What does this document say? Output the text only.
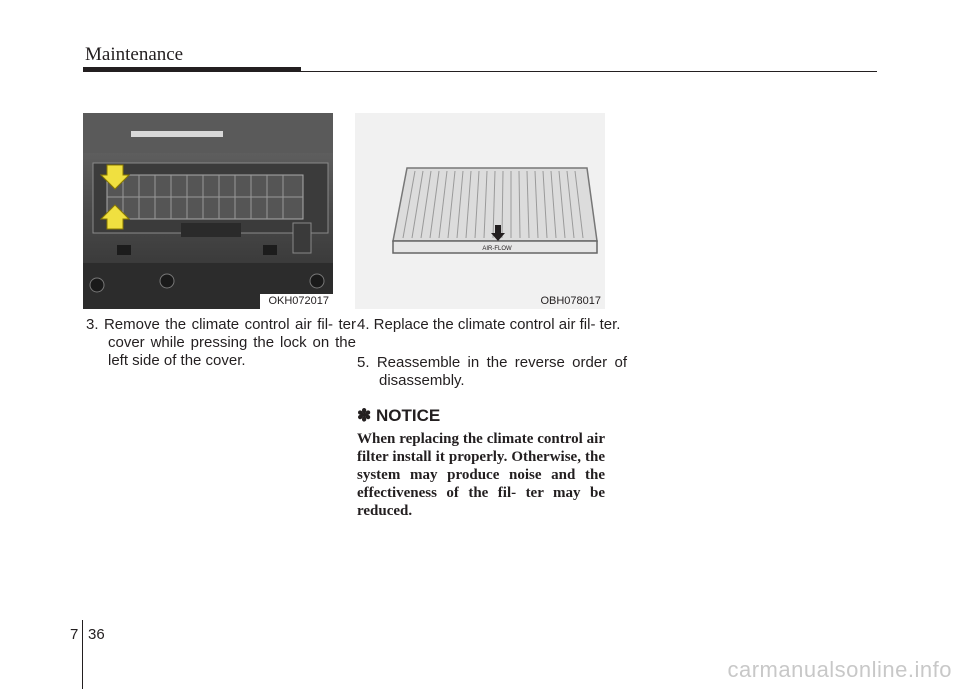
Maintenance
OKH072017
AIR-FLOW
OBH078017
3. Remove the climate control air fil- ter cover while pressing the lock on the left side of the cover.
4. Replace the climate control air fil- ter.
5. Reassemble in the reverse order of disassembly.
✽ NOTICE
When replacing the climate control air filter install it properly. Otherwise, the system may produce noise and the effectiveness of the fil- ter may be reduced.
7 36
carmanualsonline.info
